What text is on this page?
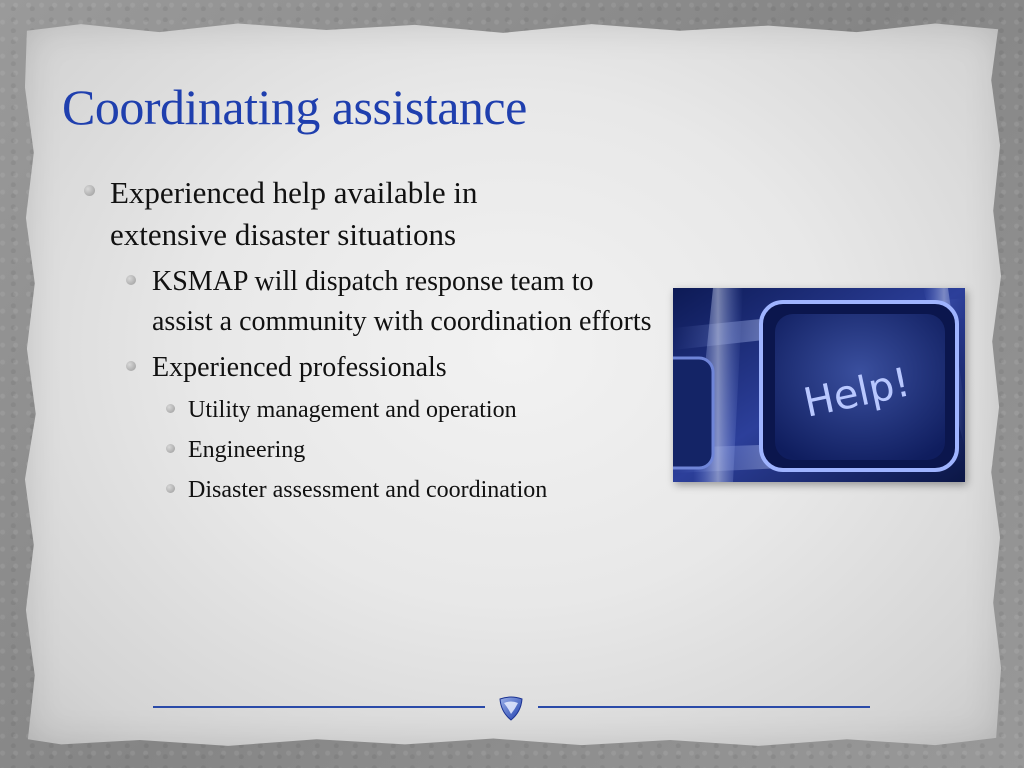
Coordinating assistance
Experienced help available in
extensive disaster situations
KSMAP will dispatch response team to assist a community with coordination efforts
Experienced professionals
Utility management and operation
Engineering
Disaster assessment and coordination
Help!
